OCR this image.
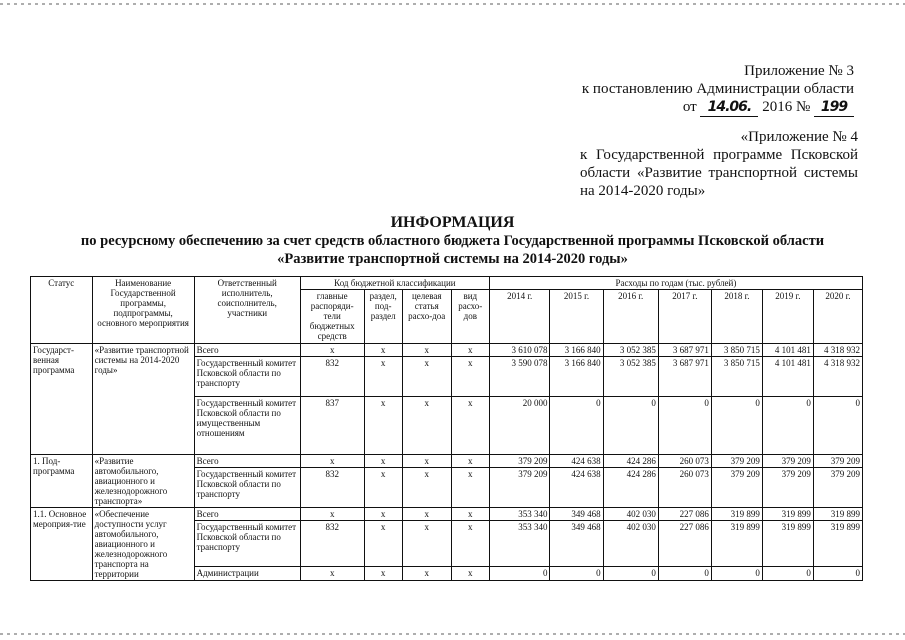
Приложение № 3
к постановлению Администрации области
от 14.06. 2016 № 199
«Приложение № 4
к Государственной программе Псковской области «Развитие транспортной системы на 2014-2020 годы»
ИНФОРМАЦИЯ
по ресурсному обеспечению за счет средств областного бюджета Государственной программы Псковской области
«Развитие транспортной системы на 2014-2020 годы»
Статус	Наименование Государственной программы, подпрограммы, основного мероприятия	Ответственный исполнитель, соисполнитель, участники	Код бюджетной классификации				Расходы по годам (тыс. рублей)						
			главные распоряди-тели бюджетных средств	раздел, под-раздел	целевая статья расхо-доа	вид расхо-дов	2014 г.	2015 г.	2016 г.	2017 г.	2018 г.	2019 г.	2020 г.
Государст-венная программа	«Развитие транспортной системы на 2014-2020 годы»	Всего	x	x	x	x	3 610 078	3 166 840	3 052 385	3 687 971	3 850 715	4 101 481	4 318 932
		Государственный комитет Псковской области по транспорту	832	x	x	x	3 590 078	3 166 840	3 052 385	3 687 971	3 850 715	4 101 481	4 318 932
		Государственный комитет Псковской области по имущественным отношениям	837	x	x	x	20 000	0	0	0	0	0	0
1. Под-программа	«Развитие автомобильного, авиационного и железнодорожного транспорта»	Всего	x	x	x	x	379 209	424 638	424 286	260 073	379 209	379 209	379 209
		Государственный комитет Псковской области по транспорту	832	x	x	x	379 209	424 638	424 286	260 073	379 209	379 209	379 209
1.1. Основное мероприя-тие	«Обеспечение доступности услуг автомобильного, авиационного и железнодорожного транспорта на территории	Всего	x	x	x	x	353 340	349 468	402 030	227 086	319 899	319 899	319 899
		Государственный комитет Псковской области по транспорту	832	x	x	x	353 340	349 468	402 030	227 086	319 899	319 899	319 899
		Администрации	x	x	x	x	0	0	0	0	0	0	0
